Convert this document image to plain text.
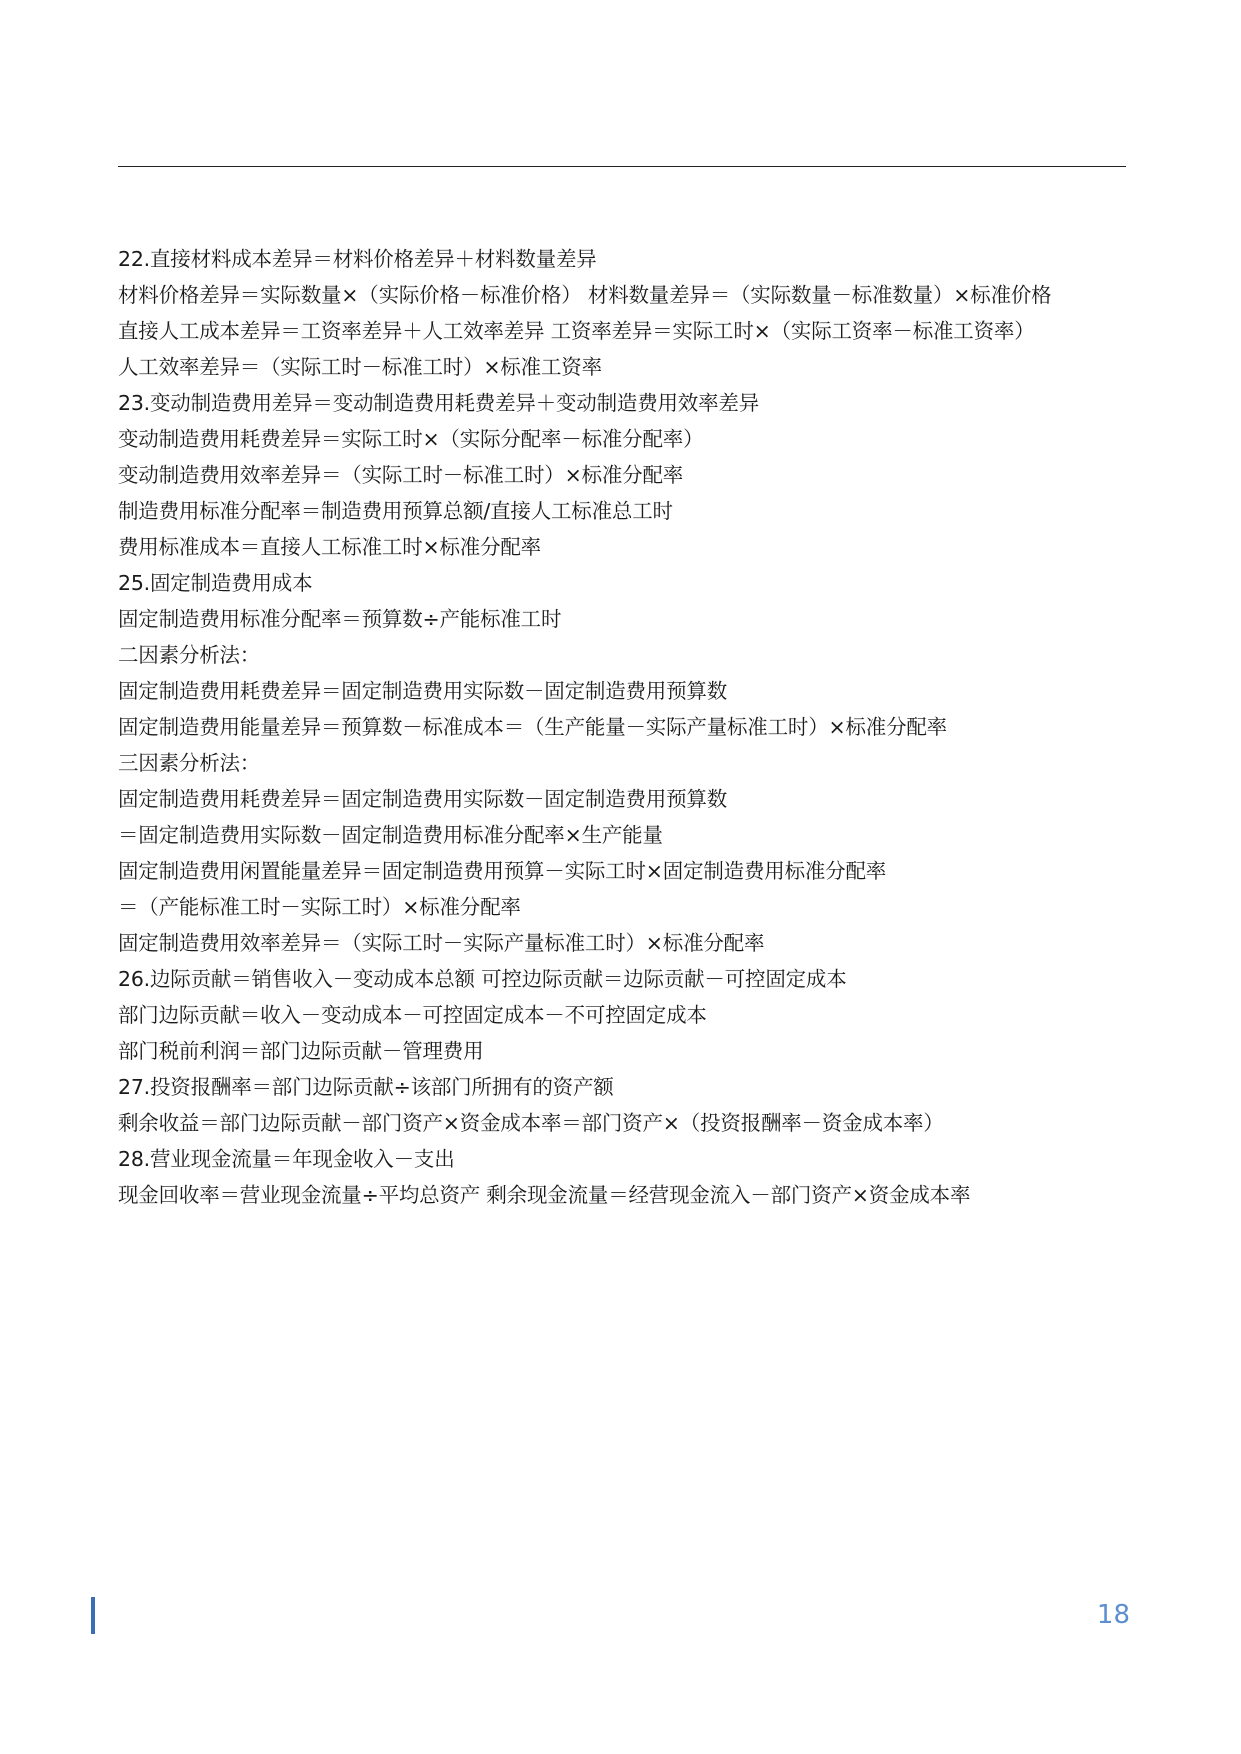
22.直接材料成本差异＝材料价格差异＋材料数量差异
材料价格差异＝实际数量×（实际价格－标准价格） 材料数量差异＝（实际数量－标准数量）×标准价格
直接人工成本差异＝工资率差异＋人工效率差异 工资率差异＝实际工时×（实际工资率－标准工资率）
人工效率差异＝（实际工时－标准工时）×标准工资率
23.变动制造费用差异＝变动制造费用耗费差异＋变动制造费用效率差异
变动制造费用耗费差异＝实际工时×（实际分配率－标准分配率）
变动制造费用效率差异＝（实际工时－标准工时）×标准分配率
制造费用标准分配率＝制造费用预算总额/直接人工标准总工时
费用标准成本＝直接人工标准工时×标准分配率
25.固定制造费用成本
固定制造费用标准分配率＝预算数÷产能标准工时
二因素分析法：
固定制造费用耗费差异＝固定制造费用实际数－固定制造费用预算数
固定制造费用能量差异＝预算数－标准成本＝（生产能量－实际产量标准工时）×标准分配率
三因素分析法：
固定制造费用耗费差异＝固定制造费用实际数－固定制造费用预算数
＝固定制造费用实际数－固定制造费用标准分配率×生产能量
固定制造费用闲置能量差异＝固定制造费用预算－实际工时×固定制造费用标准分配率
＝（产能标准工时－实际工时）×标准分配率
固定制造费用效率差异＝（实际工时－实际产量标准工时）×标准分配率
26.边际贡献＝销售收入－变动成本总额 可控边际贡献＝边际贡献－可控固定成本
部门边际贡献＝收入－变动成本－可控固定成本－不可控固定成本
部门税前利润＝部门边际贡献－管理费用
27.投资报酬率＝部门边际贡献÷该部门所拥有的资产额
剩余收益＝部门边际贡献－部门资产×资金成本率＝部门资产×（投资报酬率－资金成本率）
28.营业现金流量＝年现金收入－支出
现金回收率＝营业现金流量÷平均总资产 剩余现金流量＝经营现金流入－部门资产×资金成本率
18
